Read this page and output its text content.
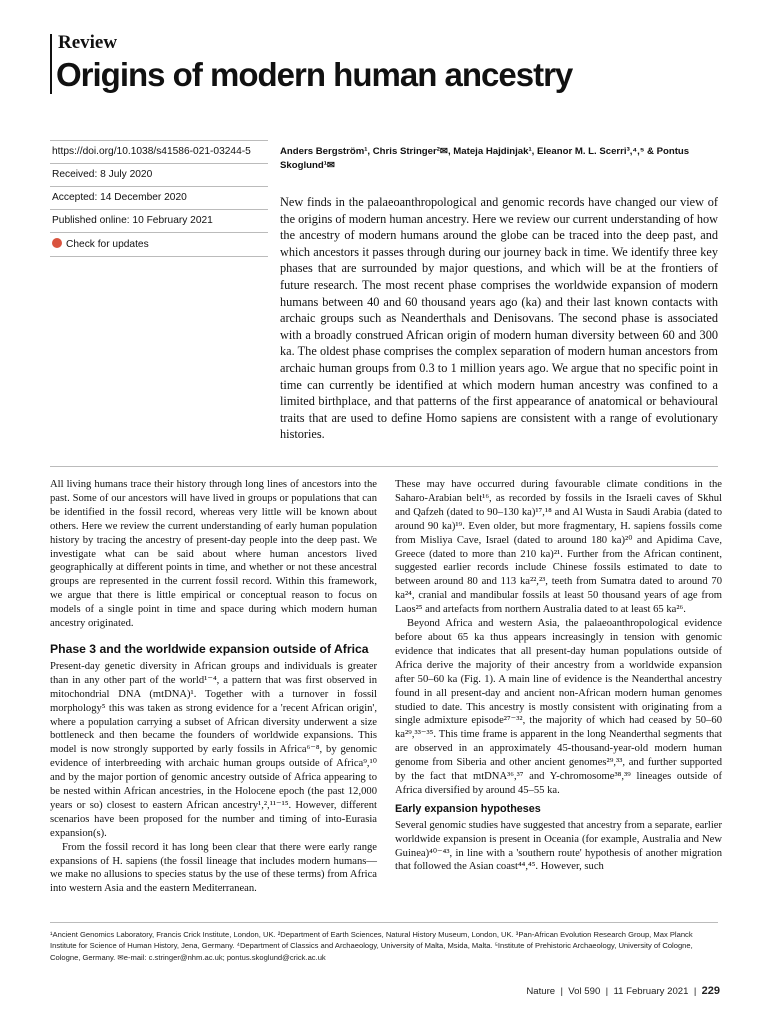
Review
Origins of modern human ancestry
https://doi.org/10.1038/s41586-021-03244-5
Received: 8 July 2020
Accepted: 14 December 2020
Published online: 10 February 2021
Check for updates
Anders Bergström¹, Chris Stringer²✉, Mateja Hajdinjak¹, Eleanor M. L. Scerri³,⁴,⁵ & Pontus Skoglund¹✉
New finds in the palaeoanthropological and genomic records have changed our view of the origins of modern human ancestry. Here we review our current understanding of how the ancestry of modern humans around the globe can be traced into the deep past, and which ancestors it passes through during our journey back in time. We identify three key phases that are surrounded by major questions, and which will be at the frontiers of future research. The most recent phase comprises the worldwide expansion of modern humans between 40 and 60 thousand years ago (ka) and their last known contacts with archaic groups such as Neanderthals and Denisovans. The second phase is associated with a broadly construed African origin of modern human diversity between 60 and 300 ka. The oldest phase comprises the complex separation of modern human ancestors from archaic human groups from 0.3 to 1 million years ago. We argue that no specific point in time can currently be identified at which modern human ancestry was confined to a limited birthplace, and that patterns of the first appearance of anatomical or behavioural traits that are used to define Homo sapiens are consistent with a range of evolutionary histories.

All living humans trace their history through long lines of ancestors into the past. Some of our ancestors will have lived in groups or populations that can be identified in the fossil record, whereas very little will be known about others. Here we review the current understanding of early human population history by tracing the ancestry of present-day people into the deep past. We investigate what can be said about where human ancestors lived geographically at different points in time, and whether or not these ancestral groups are represented in the current fossil record. Within this framework, we argue that there is little empirical or conceptual reason to focus on models of a single point in time and space during which modern human ancestry originated.

Phase 3 and the worldwide expansion outside of Africa

Present-day genetic diversity in African groups and individuals is greater than in any other part of the world¹⁻⁴, a pattern that was first observed in mitochondrial DNA (mtDNA)¹. Together with a turnover in fossil morphology⁵ this was taken as strong evidence for a 'recent African origin', where a population carrying a subset of African diversity underwent a size bottleneck and then became the founders of worldwide expansions. This model is now strongly supported by early fossils in Africa⁶⁻⁸, by genomic evidence of interbreeding with archaic human groups outside of Africa⁹,¹⁰ and by the major portion of genomic ancestry outside of Africa appearing to be nested within African ancestries, in the Holocene epoch (the past 12,000 years or so) closest to eastern African ancestry¹,²,¹¹⁻¹⁵. However, different scenarios have been proposed for the number and timing of into-Eurasia expansion(s).

From the fossil record it has long been clear that there were early range expansions of H. sapiens (the fossil lineage that includes modern humans—we make no allusions to species status by the use of these terms) from Africa into western Asia and the eastern Mediterranean.

These may have occurred during favourable climate conditions in the Saharo-Arabian belt¹⁶, as recorded by fossils in the Israeli caves of Skhul and Qafzeh (dated to 90–130 ka)¹⁷,¹⁸ and Al Wusta in Saudi Arabia (dated to around 90 ka)¹⁹. Even older, but more fragmentary, H. sapiens fossils come from Misliya Cave, Israel (dated to around 180 ka)²⁰ and Apidima Cave, Greece (dated to more than 210 ka)²¹. Further from the African continent, suggested earlier records include Chinese fossils estimated to date to between around 80 and 113 ka²²,²³, teeth from Sumatra dated to around 70 ka²⁴, cranial and mandibular fossils at least 50 thousand years of age from Laos²⁵ and artefacts from northern Australia dated to at least 65 ka²⁶.

Beyond Africa and western Asia, the palaeoanthropological evidence before about 65 ka thus appears increasingly in tension with genomic evidence that indicates that all present-day human populations outside of Africa derive the majority of their ancestry from a worldwide expansion after 50–60 ka (Fig. 1). A main line of evidence is the Neanderthal ancestry found in all present-day and ancient non-African modern human genomes studied to date. This ancestry is mostly consistent with originating from a single admixture episode²⁷⁻³², the majority of which had ceased by 50–60 ka²⁹,³³⁻³⁵. This time frame is apparent in the long Neanderthal segments that are observed in an approximately 45-thousand-year-old modern human genome from Siberia and other ancient genomes²⁹,³³, and further supported by the fact that mtDNA³⁶,³⁷ and Y-chromosome³⁸,³⁹ lineages outside of Africa diversified by around 45–55 ka.

Early expansion hypotheses

Several genomic studies have suggested that ancestry from a separate, earlier worldwide expansion is present in Oceania (for example, Australia and New Guinea)⁴⁰⁻⁴³, in line with a 'southern route' hypothesis of another migration that followed the Asian coast⁴⁴,⁴⁵. However, such

¹Ancient Genomics Laboratory, Francis Crick Institute, London, UK. ²Department of Earth Sciences, Natural History Museum, London, UK. ³Pan-African Evolution Research Group, Max Planck Institute for Science of Human History, Jena, Germany. ⁴Department of Classics and Archaeology, University of Malta, Msida, Malta. ⁵Institute of Prehistoric Archaeology, University of Cologne, Cologne, Germany. ✉e-mail: c.stringer@nhm.ac.uk; pontus.skoglund@crick.ac.uk
Nature  |  Vol 590  |  11 February 2021  |  229
